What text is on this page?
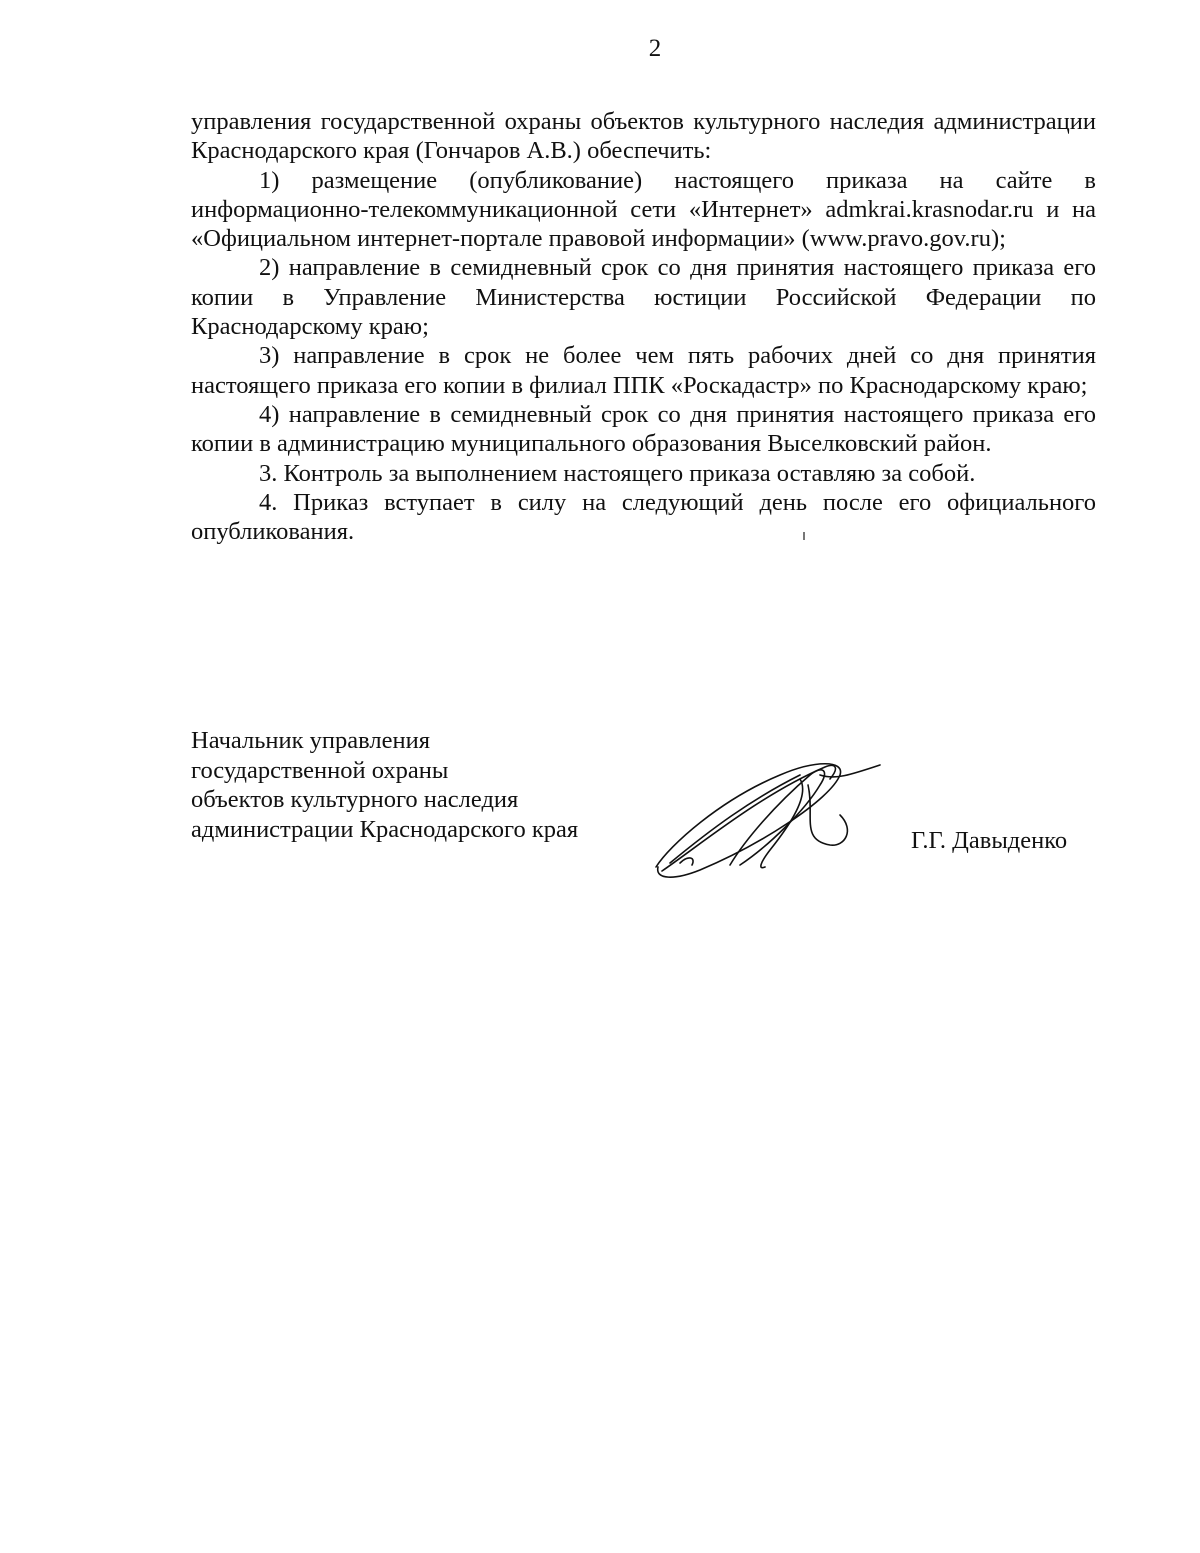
2

управления государственной охраны объектов культурного наследия администрации Краснодарского края (Гончаров А.В.) обеспечить:

1) размещение (опубликование) настоящего приказа на сайте в информационно-телекоммуникационной сети «Интернет» admkrai.krasnodar.ru и на «Официальном интернет-портале правовой информации» (www.pravo.gov.ru);

2) направление в семидневный срок со дня принятия настоящего приказа его копии в Управление Министерства юстиции Российской Федерации по Краснодарскому краю;

3) направление в срок не более чем пять рабочих дней со дня принятия настоящего приказа его копии в филиал ППК «Роскадастр» по Краснодарскому краю;

4) направление в семидневный срок со дня принятия настоящего приказа его копии в администрацию муниципального образования Выселковский район.

3. Контроль за выполнением настоящего приказа оставляю за собой.

4. Приказ вступает в силу на следующий день после его официального опубликования.

Начальник управления
государственной охраны
объектов культурного наследия
администрации Краснодарского края	Г.Г. Давыденко
